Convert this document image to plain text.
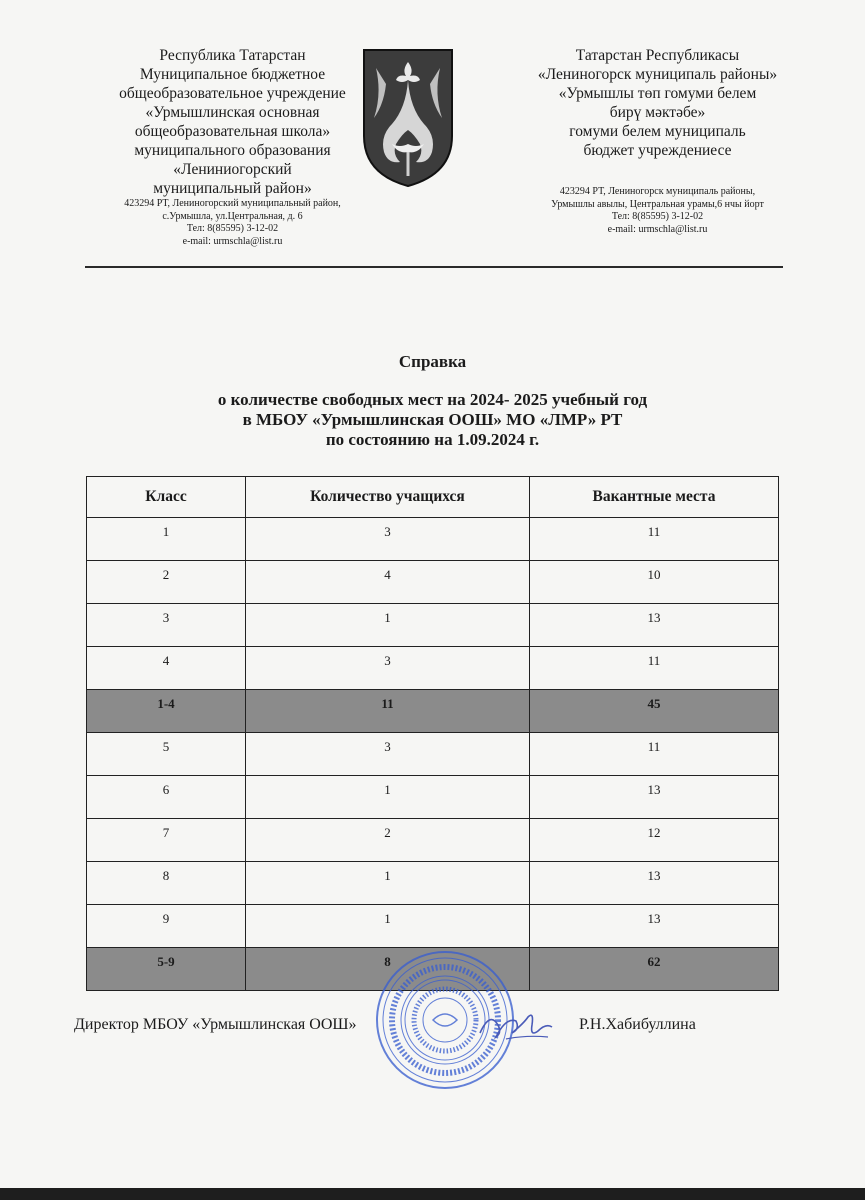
Республика Татарстан

Муниципальное бюджетное

общеобразовательное учреждение

«Урмышлинская основная

общеобразовательная школа»

муниципального образования

«Лениниогорский

муниципальный район»

423294 РТ, Лениногорский муниципальный район,

с.Урмышла, ул.Центральная, д. 6

Тел: 8(85595) 3-12-02

e-mail: urmschla@list.ru

Татарстан Республикасы

«Лениногорск муниципаль районы»

«Урмышлы төп гомуми белем

бирү мәктәбе»

гомуми белем муниципаль

бюджет учреждениесе

423294 РТ, Лениногорск муниципаль районы,

Урмышлы авылы, Центральная урамы,6 нчы йорт

Тел: 8(85595) 3-12-02

e-mail: urmschla@list.ru

Справка

о количестве свободных мест на 2024- 2025 учебный год

в МБОУ «Урмышлинская ООШ» МО «ЛМР» РТ

по состоянию на 1.09.2024 г.

Класс	Количество учащихся	Вакантные места
1	3	11
2	4	10
3	1	13
4	3	11
1-4	11	45
5	3	11
6	1	13
7	2	12
8	1	13
9	1	13
5-9	8	62
Директор МБОУ «Урмышлинская ООШ»	Р.Н.Хабибуллина
